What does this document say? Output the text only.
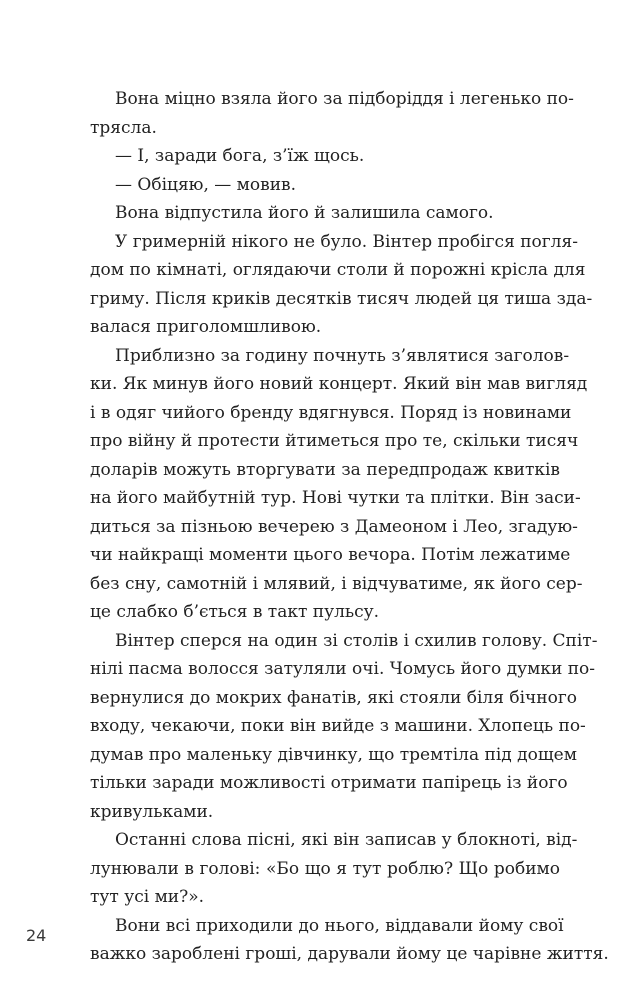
Вона міцно взяла його за підборіддя і легенько по-
трясла.
— І, заради бога, з’їж щось.
— Обіцяю, — мовив.
Вона відпустила його й залишила самого.
У гримерній нікого не було. Вінтер пробігся погля-
дом по кімнаті, оглядаючи столи й порожні крісла для
гриму. Після криків десятків тисяч людей ця тиша зда-
валася приголомшливою.
Приблизно за годину почнуть з’являтися заголов-
ки. Як минув його новий концерт. Який він мав вигляд
і в одяг чийого бренду вдягнувся. Поряд із новинами
про війну й протести йтиметься про те, скільки тисяч
доларів можуть вторгувати за передпродаж квитків
на його майбутній тур. Нові чутки та плітки. Він заси-
диться за пізньою вечерею з Дамеоном і Лео, згадую-
чи найкращі моменти цього вечора. Потім лежатиме
без сну, самотній і млявий, і відчуватиме, як його сер-
це слабко б’ється в такт пульсу.
Вінтер сперся на один зі столів і схилив голову. Спіт-
нілі пасма волосся затуляли очі. Чомусь його думки по-
вернулися до мокрих фанатів, які стояли біля бічного
входу, чекаючи, поки він вийде з машини. Хлопець по-
думав про маленьку дівчинку, що тремтіла під дощем
тільки заради можливості отримати папірець із його
кривульками.
Останні слова пісні, які він записав у блокноті, від-
лунювали в голові: «Бо що я тут роблю? Що робимо
тут усі ми?».
Вони всі приходили до нього, віддавали йому свої
важко зароблені гроші, дарували йому це чарівне життя.
24
